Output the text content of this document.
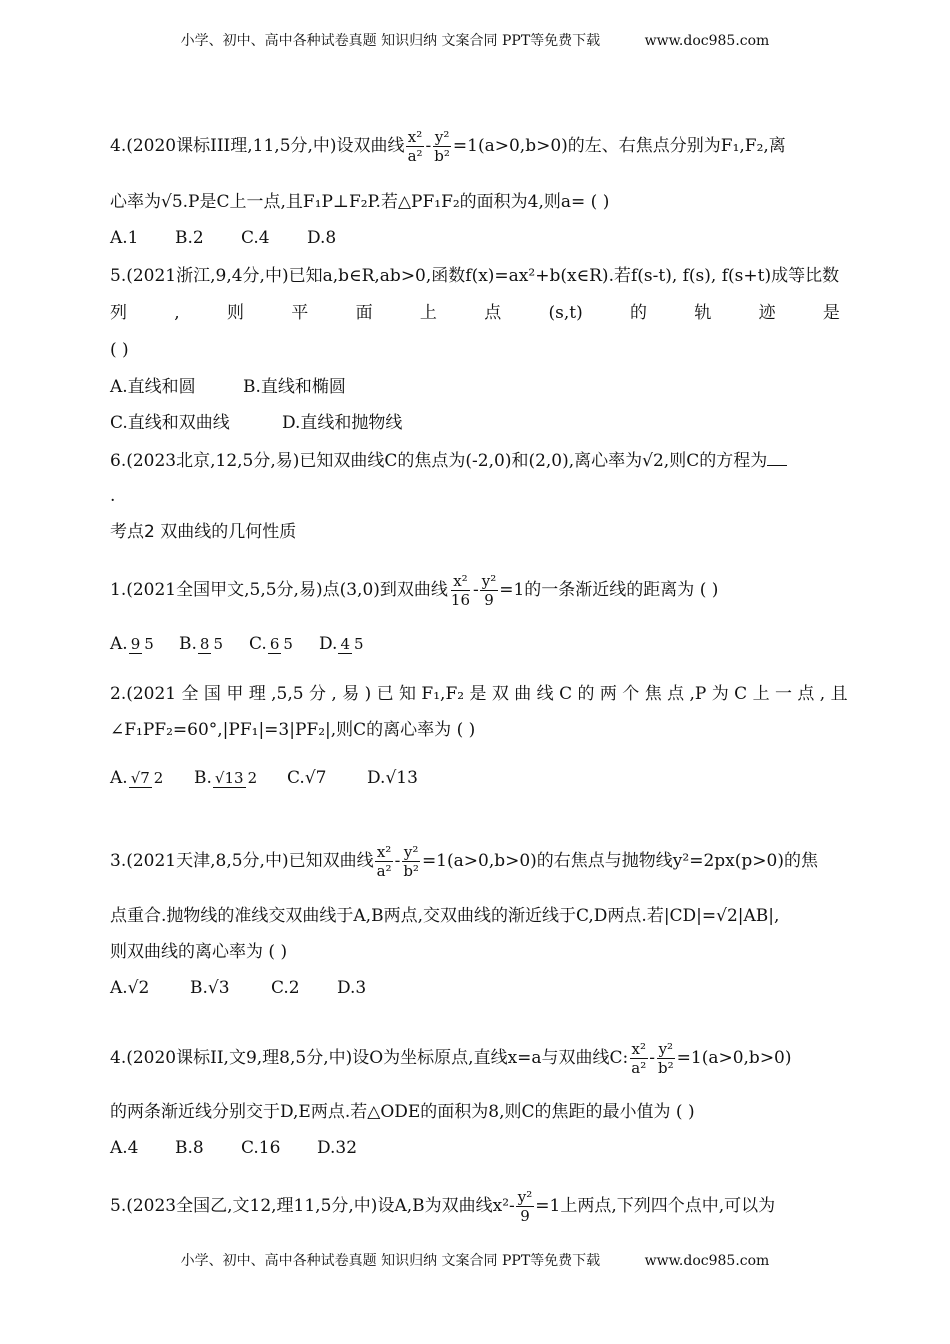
小学、初中、高中各种试卷真题 知识归纳 文案合同 PPT等免费下载	www.doc985.com
4.(2020课标III理,11,5分,中)设双曲线 $\frac{\text{x²}}{\text{a²}} - \frac{\text{y²}}{\text{b²}} =1(a>0,b>0)$的左、右焦点分别为F₁,F₂,离
心率为√5.P是C上一点,且F₁P⊥F₂P.若△PF₁F₂的面积为4,则a= ( )
A.1 B.2 C.4 D.8
5.(2021浙江,9,4分,中)已知a,b∈R,ab>0,函数f(x)=ax²+b(x∈R).若f(s-t), f(s), f(s+t)成等比数
列	,	则	平	面	上	点	(s,t)	的	轨	迹	是
( )
A.直线和圆	B.直线和椭圆
C.直线和双曲线	D.直线和抛物线
6.(2023北京,12,5分,易)已知双曲线C的焦点为(-2,0)和(2,0),离心率为√2,则C的方程为
.
考点2 双曲线的几何性质
1.(2021全国甲文,5,5分,易)点(3,0)到双曲线 $\frac{\text{x²}}{16} - \frac{\text{y²}}{9} =1$的一条渐近线的距离为 ( )
A. 9 5 B. 8 5 C. 6 5 D. 4 5
2.(2021 全 国 甲 理 ,5,5 分 , 易 ) 已 知 F₁,F₂ 是 双 曲 线 C 的 两 个 焦 点 ,P 为 C 上 一 点 , 且
∠F₁PF₂=60°,|PF₁|=3|PF₂|,则C的离心率为 ( )
A. √7 2 B. √13 2 C.√7 D.√13
3.(2021天津,8,5分,中)已知双曲线 $\frac{\text{x²}}{\text{a²}} - \frac{\text{y²}}{\text{b²}} =1(a>0,b>0)$的右焦点与抛物线y²=2px(p>0)的焦
点重合.抛物线的准线交双曲线于A,B两点,交双曲线的渐近线于C,D两点.若|CD|=√2|AB|,
则双曲线的离心率为 ( )
A.√2 B.√3 C.2 D.3
4.(2020课标II,文9,理8,5分,中)设O为坐标原点,直线x=a与双曲线C: $\frac{\text{x²}}{\text{a²}} - \frac{\text{y²}}{\text{b²}} =1(a>0,b>0)$
的两条渐近线分别交于D,E两点.若△ODE的面积为8,则C的焦距的最小值为 ( )
A.4 B.8 C.16 D.32
5.(2023全国乙,文12,理11,5分,中)设A,B为双曲线$x^2- \frac{\text{y²}}{9} =1$上两点,下列四个点中,可以为
小学、初中、高中各种试卷真题 知识归纳 文案合同 PPT等免费下载	www.doc985.com
